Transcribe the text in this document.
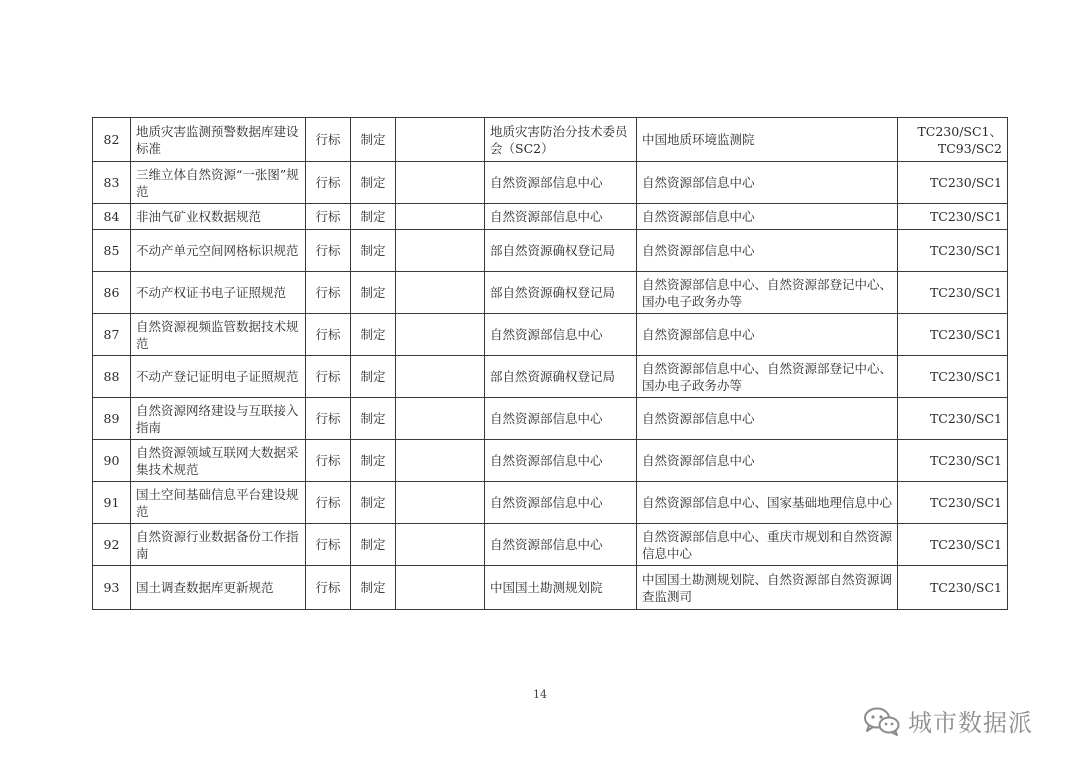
82	地质灾害监测预警数据库建设标准	行标	制定		地质灾害防治分技术委员会（SC2）	中国地质环境监测院	TC230/SC1、TC93/SC2
83	三维立体自然资源“一张图”规范	行标	制定		自然资源部信息中心	自然资源部信息中心	TC230/SC1
84	非油气矿业权数据规范	行标	制定		自然资源部信息中心	自然资源部信息中心	TC230/SC1
85	不动产单元空间网格标识规范	行标	制定		部自然资源确权登记局	自然资源部信息中心	TC230/SC1
86	不动产权证书电子证照规范	行标	制定		部自然资源确权登记局	自然资源部信息中心、自然资源部登记中心、国办电子政务办等	TC230/SC1
87	自然资源视频监管数据技术规范	行标	制定		自然资源部信息中心	自然资源部信息中心	TC230/SC1
88	不动产登记证明电子证照规范	行标	制定		部自然资源确权登记局	自然资源部信息中心、自然资源部登记中心、国办电子政务办等	TC230/SC1
89	自然资源网络建设与互联接入指南	行标	制定		自然资源部信息中心	自然资源部信息中心	TC230/SC1
90	自然资源领域互联网大数据采集技术规范	行标	制定		自然资源部信息中心	自然资源部信息中心	TC230/SC1
91	国土空间基础信息平台建设规范	行标	制定		自然资源部信息中心	自然资源部信息中心、国家基础地理信息中心	TC230/SC1
92	自然资源行业数据备份工作指南	行标	制定		自然资源部信息中心	自然资源部信息中心、重庆市规划和自然资源信息中心	TC230/SC1
93	国土调查数据库更新规范	行标	制定		中国国土勘测规划院	中国国土勘测规划院、自然资源部自然资源调查监测司	TC230/SC1
14
城市数据派
